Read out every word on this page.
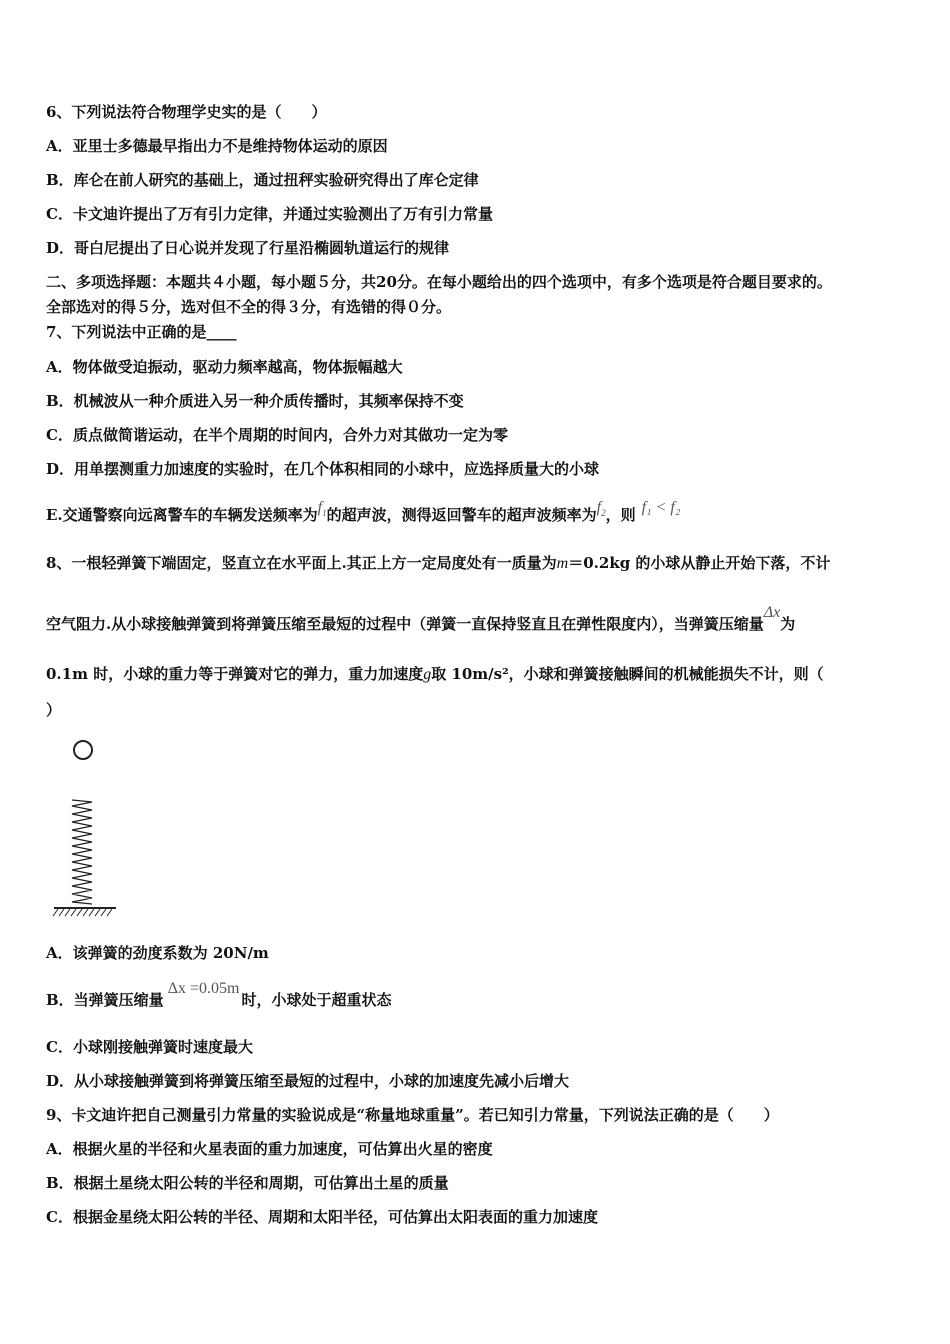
6、下列说法符合物理学史实的是（　　）
A．亚里士多德最早指出力不是维持物体运动的原因
B．库仑在前人研究的基础上，通过扭秤实验研究得出了库仑定律
C．卡文迪许提出了万有引力定律，并通过实验测出了万有引力常量
D．哥白尼提出了日心说并发现了行星沿椭圆轨道运行的规律
二、多项选择题：本题共４小题，每小题５分，共20分。在每小题给出的四个选项中，有多个选项是符合题目要求的。
全部选对的得５分，选对但不全的得３分，有选错的得０分。
7、下列说法中正确的是____
A．物体做受迫振动，驱动力频率越高，物体振幅越大
B．机械波从一种介质进入另一种介质传播时，其频率保持不变
C．质点做简谐运动，在半个周期的时间内，合外力对其做功一定为零
D．用单摆测重力加速度的实验时，在几个体积相同的小球中，应选择质量大的小球
E.交通警察向远离警车的车辆发送频率为$f_1$的超声波，测得返回警车的超声波频率为$f_2$，则 f₁ < f₂
8、一根轻弹簧下端固定，竖直立在水平面上.其正上方一定局度处有一质量为m＝0.2kg 的小球从静止开始下落，不计
空气阻力.从小球接触弹簧到将弹簧压缩至最短的过程中（弹簧一直保持竖直且在弹性限度内），当弹簧压缩量Δx为
0.1m 时，小球的重力等于弹簧对它的弹力，重力加速度g取 10m/s²，小球和弹簧接触瞬间的机械能损失不计，则（
）
A．该弹簧的劲度系数为 20N/m
B．当弹簧压缩量Δx =0.05m时，小球处于超重状态
C．小球刚接触弹簧时速度最大
D．从小球接触弹簧到将弹簧压缩至最短的过程中，小球的加速度先减小后增大
9、卡文迪许把自己测量引力常量的实验说成是“称量地球重量”。若已知引力常量，下列说法正确的是（　　）
A．根据火星的半径和火星表面的重力加速度，可估算出火星的密度
B．根据土星绕太阳公转的半径和周期，可估算出土星的质量
C．根据金星绕太阳公转的半径、周期和太阳半径，可估算出太阳表面的重力加速度
